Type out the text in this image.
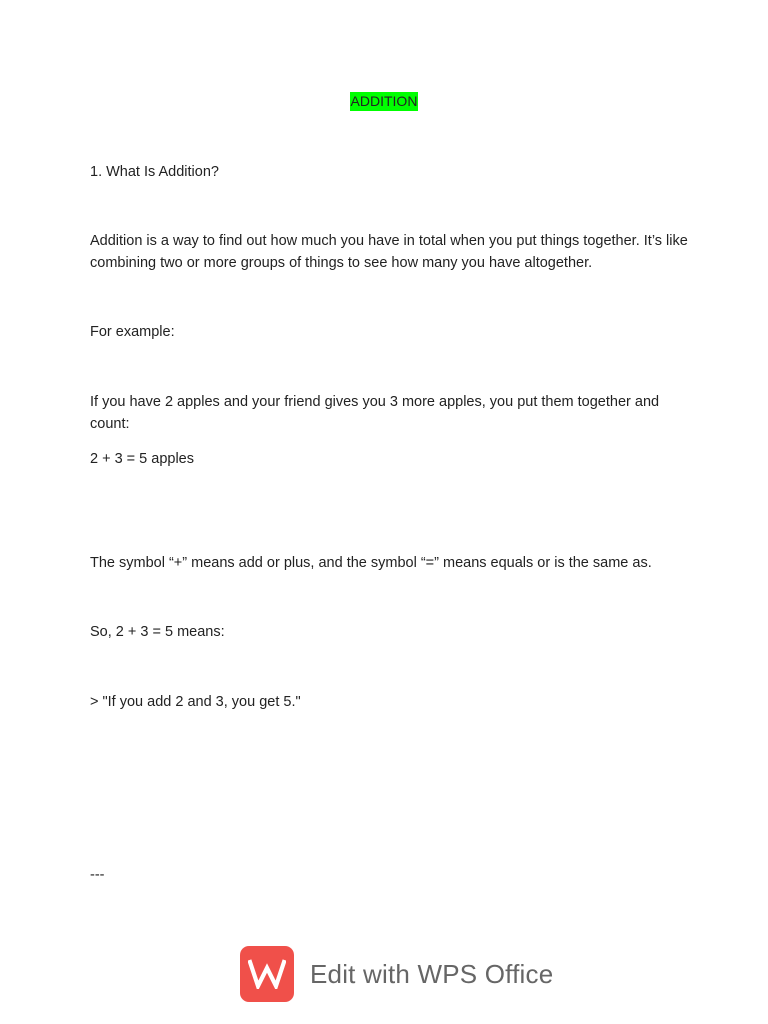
ADDITION

1. What Is Addition?

Addition is a way to find out how much you have in total when you put things together. It’s like combining two or more groups of things to see how many you have altogether.

For example:

If you have 2 apples and your friend gives you 3 more apples, you put them together and count:

2 + 3 = 5 apples

The symbol “+” means add or plus, and the symbol “=” means equals or is the same as.

So, 2 + 3 = 5 means:

> "If you add 2 and 3, you get 5."

---

Edit with WPS Office
